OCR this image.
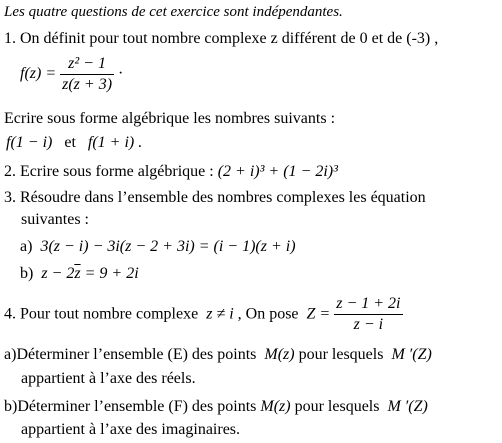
Les quatre questions de cet exercice sont indépendantes.
1. On définit pour tout nombre complexe z différent de 0 et de (-3) ,
$f(z) = \frac{\text{z² − 1}}{z(z + 3)}$ ·
Ecrire sous forme algébrique les nombres suivants :
f(1 − i) et f(1 + i) .
2. Ecrire sous forme algébrique : (2 + i)³ + (1 − 2i)³
3. Résoudre dans l’ensemble des nombres complexes les équation
suivantes :
a) 3(z − i) − 3i(z − 2 + 3i) = (i − 1)(z + i)
b) $z - 2\overline{z} = 9 + 2i$
4. Pour tout nombre complexe z ≠ i , On pose $Z = \frac{z - 1 + 2i}{z - i}$
a)Déterminer l’ensemble (E) des points M(z) pour lesquels M ′(Z)
appartient à l’axe des réels.
b)Déterminer l’ensemble (F) des points M(z) pour lesquels M ′(Z)
appartient à l’axe des imaginaires.
